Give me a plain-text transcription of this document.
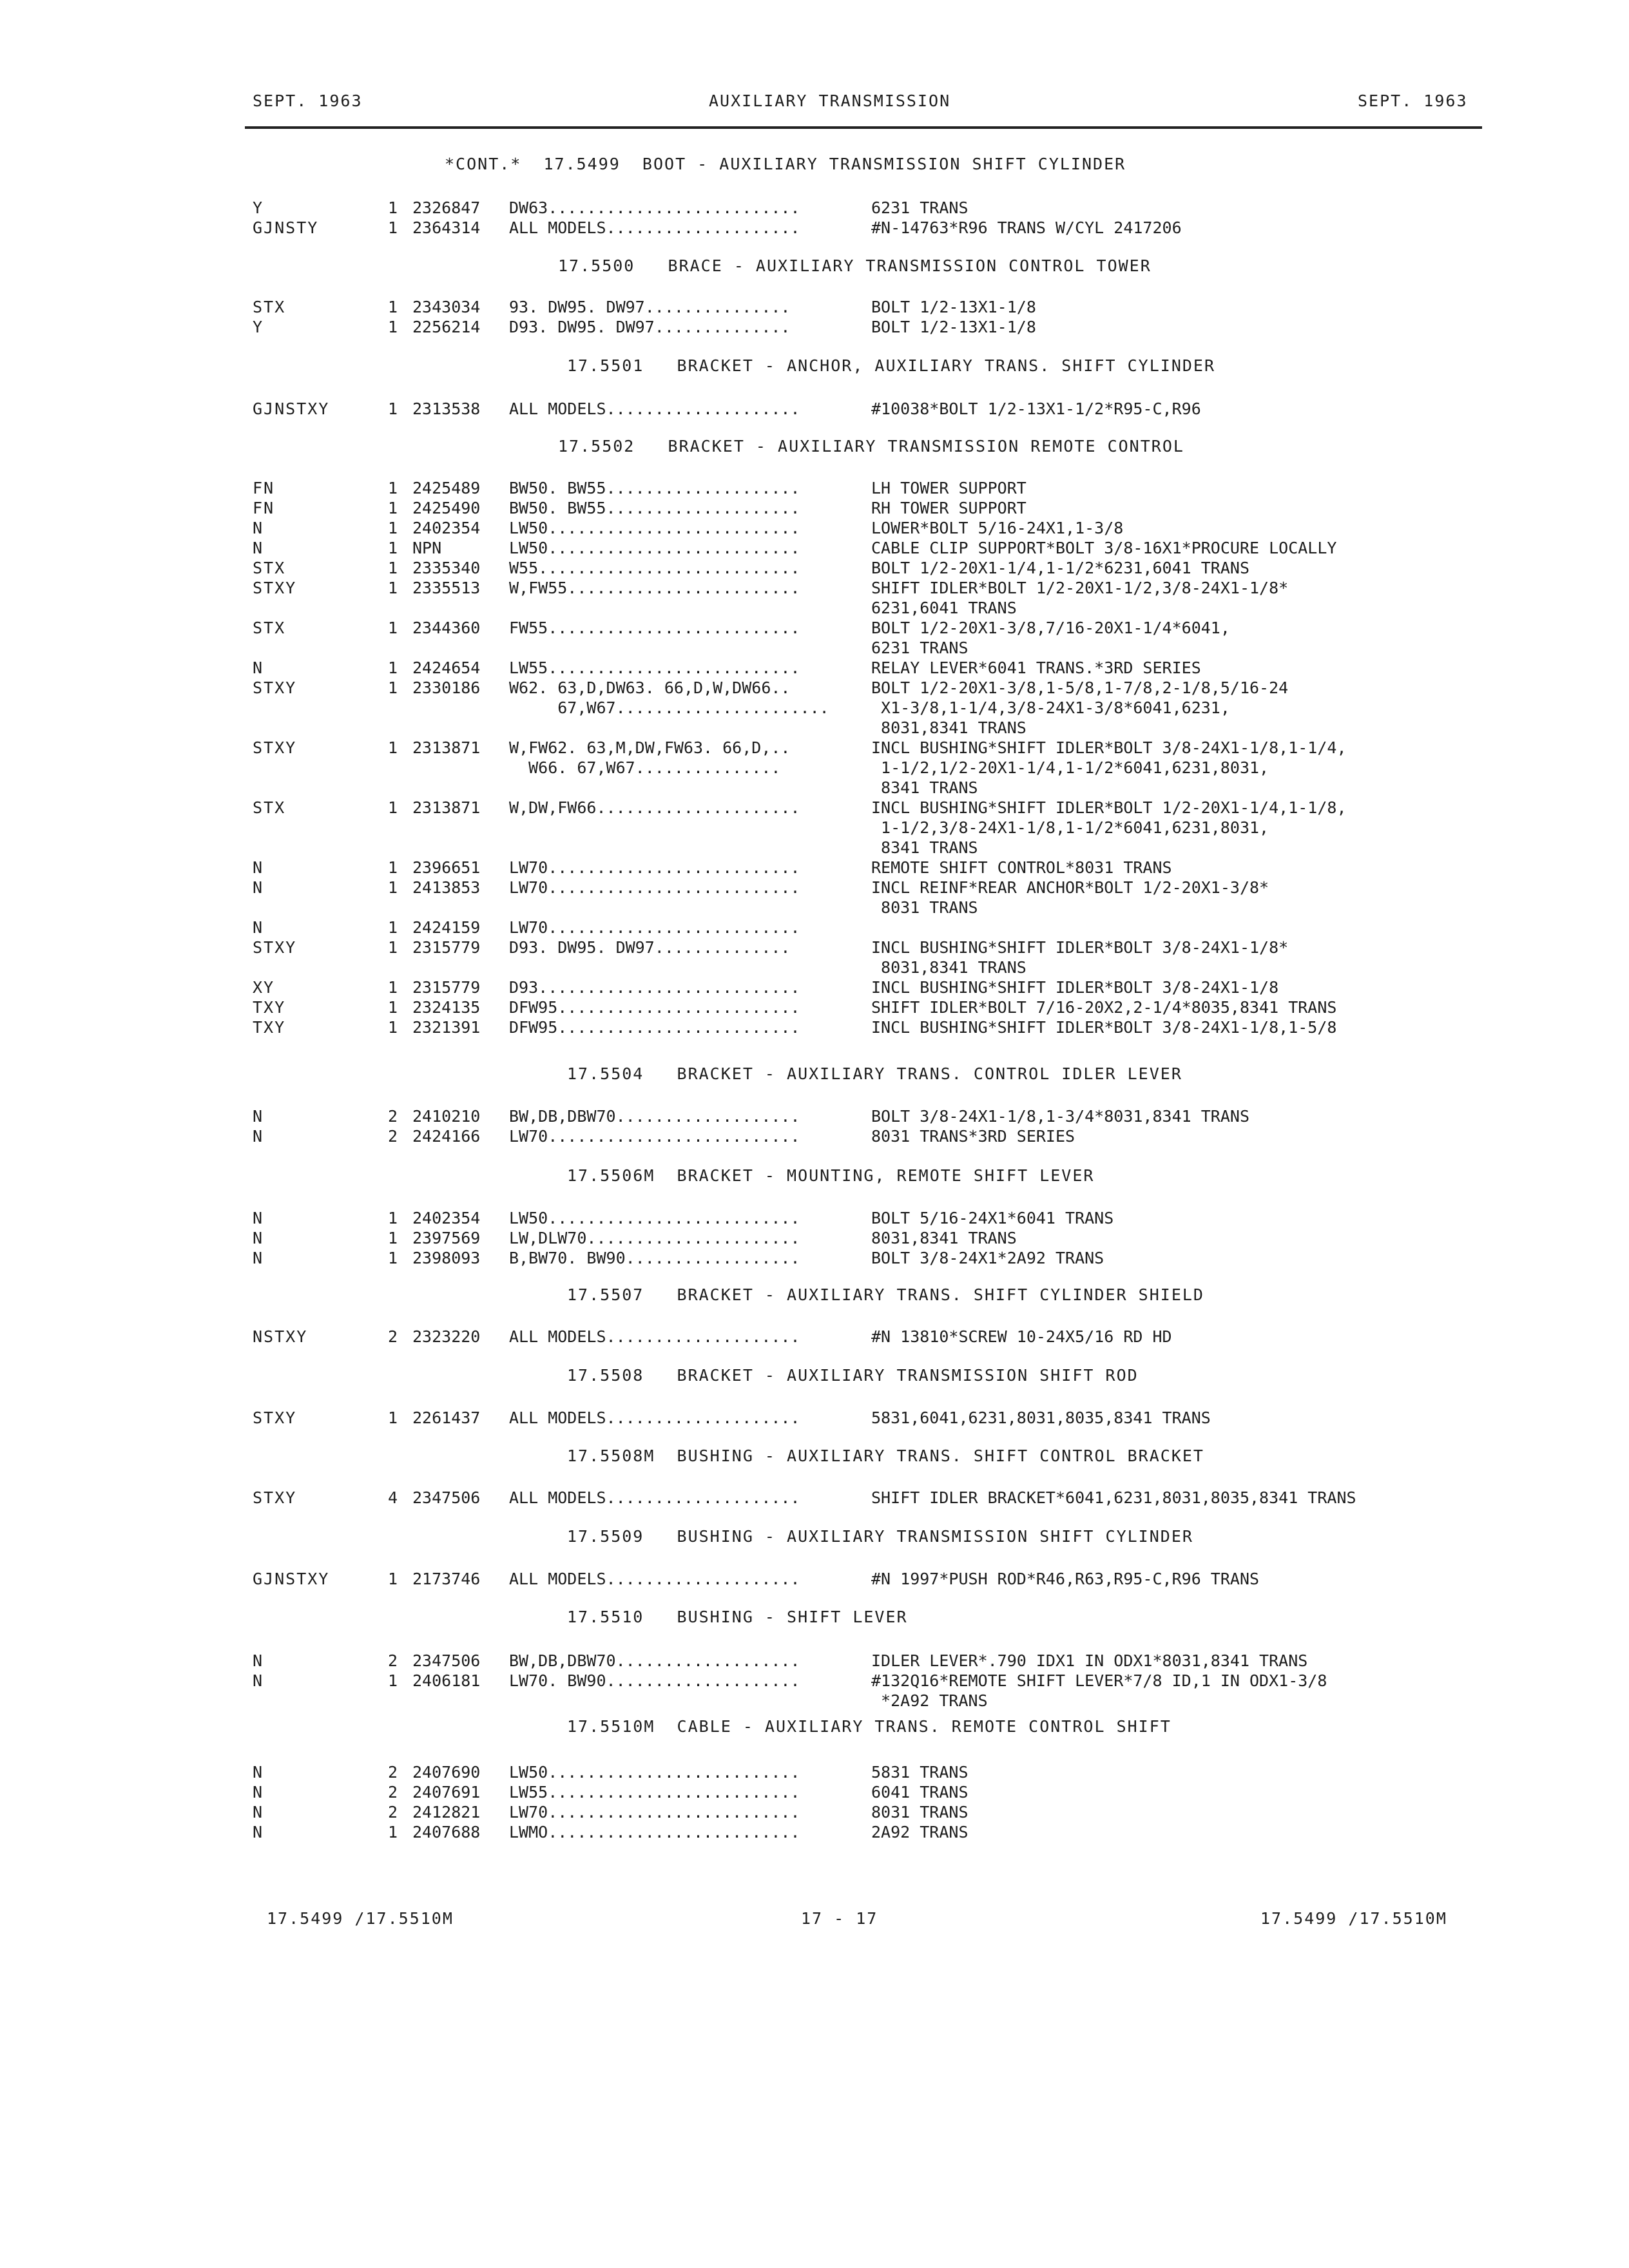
SEPT. 1963	AUXILIARY TRANSMISSION	SEPT. 1963
*CONT.*  17.5499  BOOT - AUXILIARY TRANSMISSION SHIFT CYLINDER
Y	1 2326847 DW63..........................	6231 TRANS
GJNSTY	1 2364314 ALL MODELS....................	#N-14763*R96 TRANS W/CYL 2417206
17.5500   BRACE - AUXILIARY TRANSMISSION CONTROL TOWER
STX	1 2343034 93. DW95. DW97...............	BOLT 1/2-13X1-1/8
Y	1 2256214 D93. DW95. DW97..............	BOLT 1/2-13X1-1/8
17.5501   BRACKET - ANCHOR, AUXILIARY TRANS. SHIFT CYLINDER
GJNSTXY	1 2313538 ALL MODELS....................	#10038*BOLT 1/2-13X1-1/2*R95-C,R96
17.5502   BRACKET - AUXILIARY TRANSMISSION REMOTE CONTROL
FN	1 2425489 BW50. BW55....................	LH TOWER SUPPORT
FN	1 2425490 BW50. BW55....................	RH TOWER SUPPORT
N	1 2402354 LW50..........................	LOWER*BOLT 5/16-24X1,1-3/8
N	1 NPN	LW50..........................	CABLE CLIP SUPPORT*BOLT 3/8-16X1*PROCURE LOCALLY
STX	1 2335340 W55...........................	BOLT 1/2-20X1-1/4,1-1/2*6231,6041 TRANS
STXY	1 2335513 W,FW55........................	SHIFT IDLER*BOLT 1/2-20X1-1/2,3/8-24X1-1/8*
6231,6041 TRANS
STX	1 2344360 FW55..........................	BOLT 1/2-20X1-3/8,7/16-20X1-1/4*6041,
6231 TRANS
N	1 2424654 LW55..........................	RELAY LEVER*6041 TRANS.*3RD SERIES
STXY	1 2330186 W62. 63,D,DW63. 66,D,W,DW66..	BOLT 1/2-20X1-3/8,1-5/8,1-7/8,2-1/8,5/16-24
67,W67......................	X1-3/8,1-1/4,3/8-24X1-3/8*6041,6231,
8031,8341 TRANS
STXY	1 2313871 W,FW62. 63,M,DW,FW63. 66,D,..	INCL BUSHING*SHIFT IDLER*BOLT 3/8-24X1-1/8,1-1/4,
W66. 67,W67...............	1-1/2,1/2-20X1-1/4,1-1/2*6041,6231,8031,
8341 TRANS
STX	1 2313871 W,DW,FW66.....................	INCL BUSHING*SHIFT IDLER*BOLT 1/2-20X1-1/4,1-1/8,
1-1/2,3/8-24X1-1/8,1-1/2*6041,6231,8031,
8341 TRANS
N	1 2396651 LW70..........................	REMOTE SHIFT CONTROL*8031 TRANS
N	1 2413853 LW70..........................	INCL REINF*REAR ANCHOR*BOLT 1/2-20X1-3/8*
8031 TRANS
N	1 2424159 LW70..........................
STXY	1 2315779 D93. DW95. DW97..............	INCL BUSHING*SHIFT IDLER*BOLT 3/8-24X1-1/8*
8031,8341 TRANS
XY	1 2315779 D93...........................	INCL BUSHING*SHIFT IDLER*BOLT 3/8-24X1-1/8
TXY	1 2324135 DFW95.........................	SHIFT IDLER*BOLT 7/16-20X2,2-1/4*8035,8341 TRANS
TXY	1 2321391 DFW95.........................	INCL BUSHING*SHIFT IDLER*BOLT 3/8-24X1-1/8,1-5/8
17.5504   BRACKET - AUXILIARY TRANS. CONTROL IDLER LEVER
N	2 2410210 BW,DB,DBW70...................	BOLT 3/8-24X1-1/8,1-3/4*8031,8341 TRANS
N	2 2424166 LW70..........................	8031 TRANS*3RD SERIES
17.5506M  BRACKET - MOUNTING, REMOTE SHIFT LEVER
N	1 2402354 LW50..........................	BOLT 5/16-24X1*6041 TRANS
N	1 2397569 LW,DLW70......................	8031,8341 TRANS
N	1 2398093 B,BW70. BW90..................	BOLT 3/8-24X1*2A92 TRANS
17.5507   BRACKET - AUXILIARY TRANS. SHIFT CYLINDER SHIELD
NSTXY	2 2323220 ALL MODELS....................	#N 13810*SCREW 10-24X5/16 RD HD
17.5508   BRACKET - AUXILIARY TRANSMISSION SHIFT ROD
STXY	1 2261437 ALL MODELS....................	5831,6041,6231,8031,8035,8341 TRANS
17.5508M  BUSHING - AUXILIARY TRANS. SHIFT CONTROL BRACKET
STXY	4 2347506 ALL MODELS....................	SHIFT IDLER BRACKET*6041,6231,8031,8035,8341 TRANS
17.5509   BUSHING - AUXILIARY TRANSMISSION SHIFT CYLINDER
GJNSTXY	1 2173746 ALL MODELS....................	#N 1997*PUSH ROD*R46,R63,R95-C,R96 TRANS
17.5510   BUSHING - SHIFT LEVER
N	2 2347506 BW,DB,DBW70...................	IDLER LEVER*.790 IDX1 IN ODX1*8031,8341 TRANS
N	1 2406181 LW70. BW90....................	#132Q16*REMOTE SHIFT LEVER*7/8 ID,1 IN ODX1-3/8
*2A92 TRANS
17.5510M  CABLE - AUXILIARY TRANS. REMOTE CONTROL SHIFT
N	2 2407690 LW50..........................	5831 TRANS
N	2 2407691 LW55..........................	6041 TRANS
N	2 2412821 LW70..........................	8031 TRANS
N	1 2407688 LWMO..........................	2A92 TRANS
17.5499 /17.5510M	17 - 17	17.5499 /17.5510M
